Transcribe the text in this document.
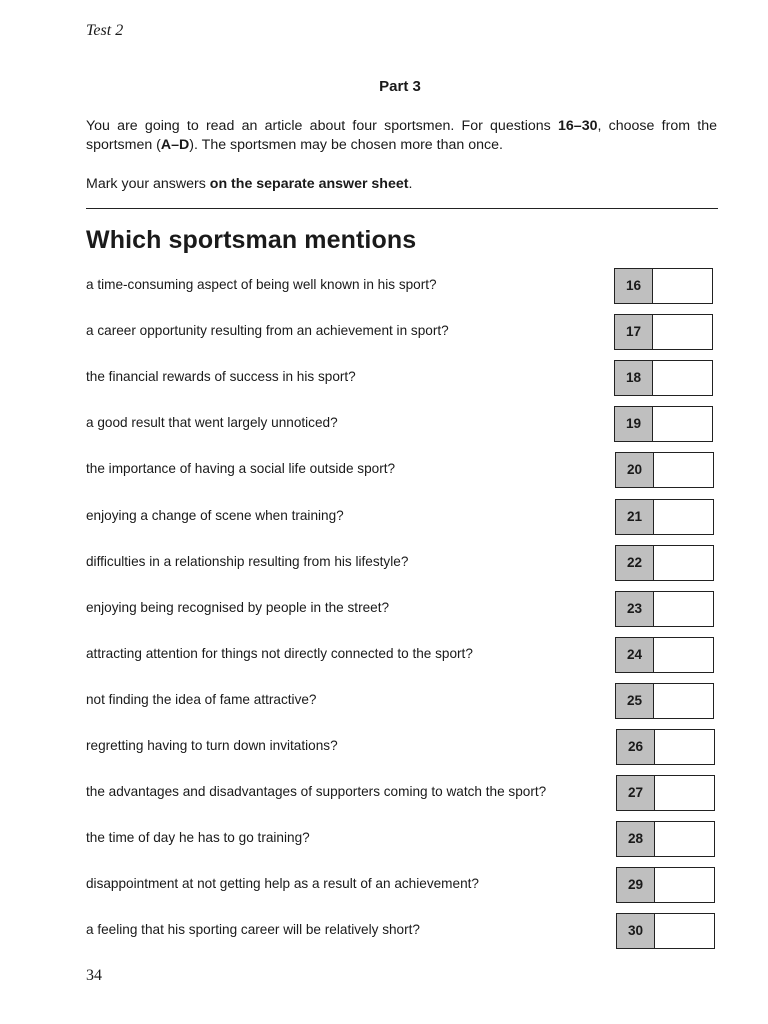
Test 2
Part 3

You are going to read an article about four sportsmen. For questions 16–30, choose from the sportsmen (A–D). The sportsmen may be chosen more than once.

Mark your answers on the separate answer sheet.

Which sportsman mentions
a time-consuming aspect of being well known in his sport?	16
a career opportunity resulting from an achievement in sport?	17
the financial rewards of success in his sport?	18
a good result that went largely unnoticed?	19
the importance of having a social life outside sport?	20
enjoying a change of scene when training?	21
difficulties in a relationship resulting from his lifestyle?	22
enjoying being recognised by people in the street?	23
attracting attention for things not directly connected to the sport?	24
not finding the idea of fame attractive?	25
regretting having to turn down invitations?	26
the advantages and disadvantages of supporters coming to watch the sport?	27
the time of day he has to go training?	28
disappointment at not getting help as a result of an achievement?	29
a feeling that his sporting career will be relatively short?	30
34
